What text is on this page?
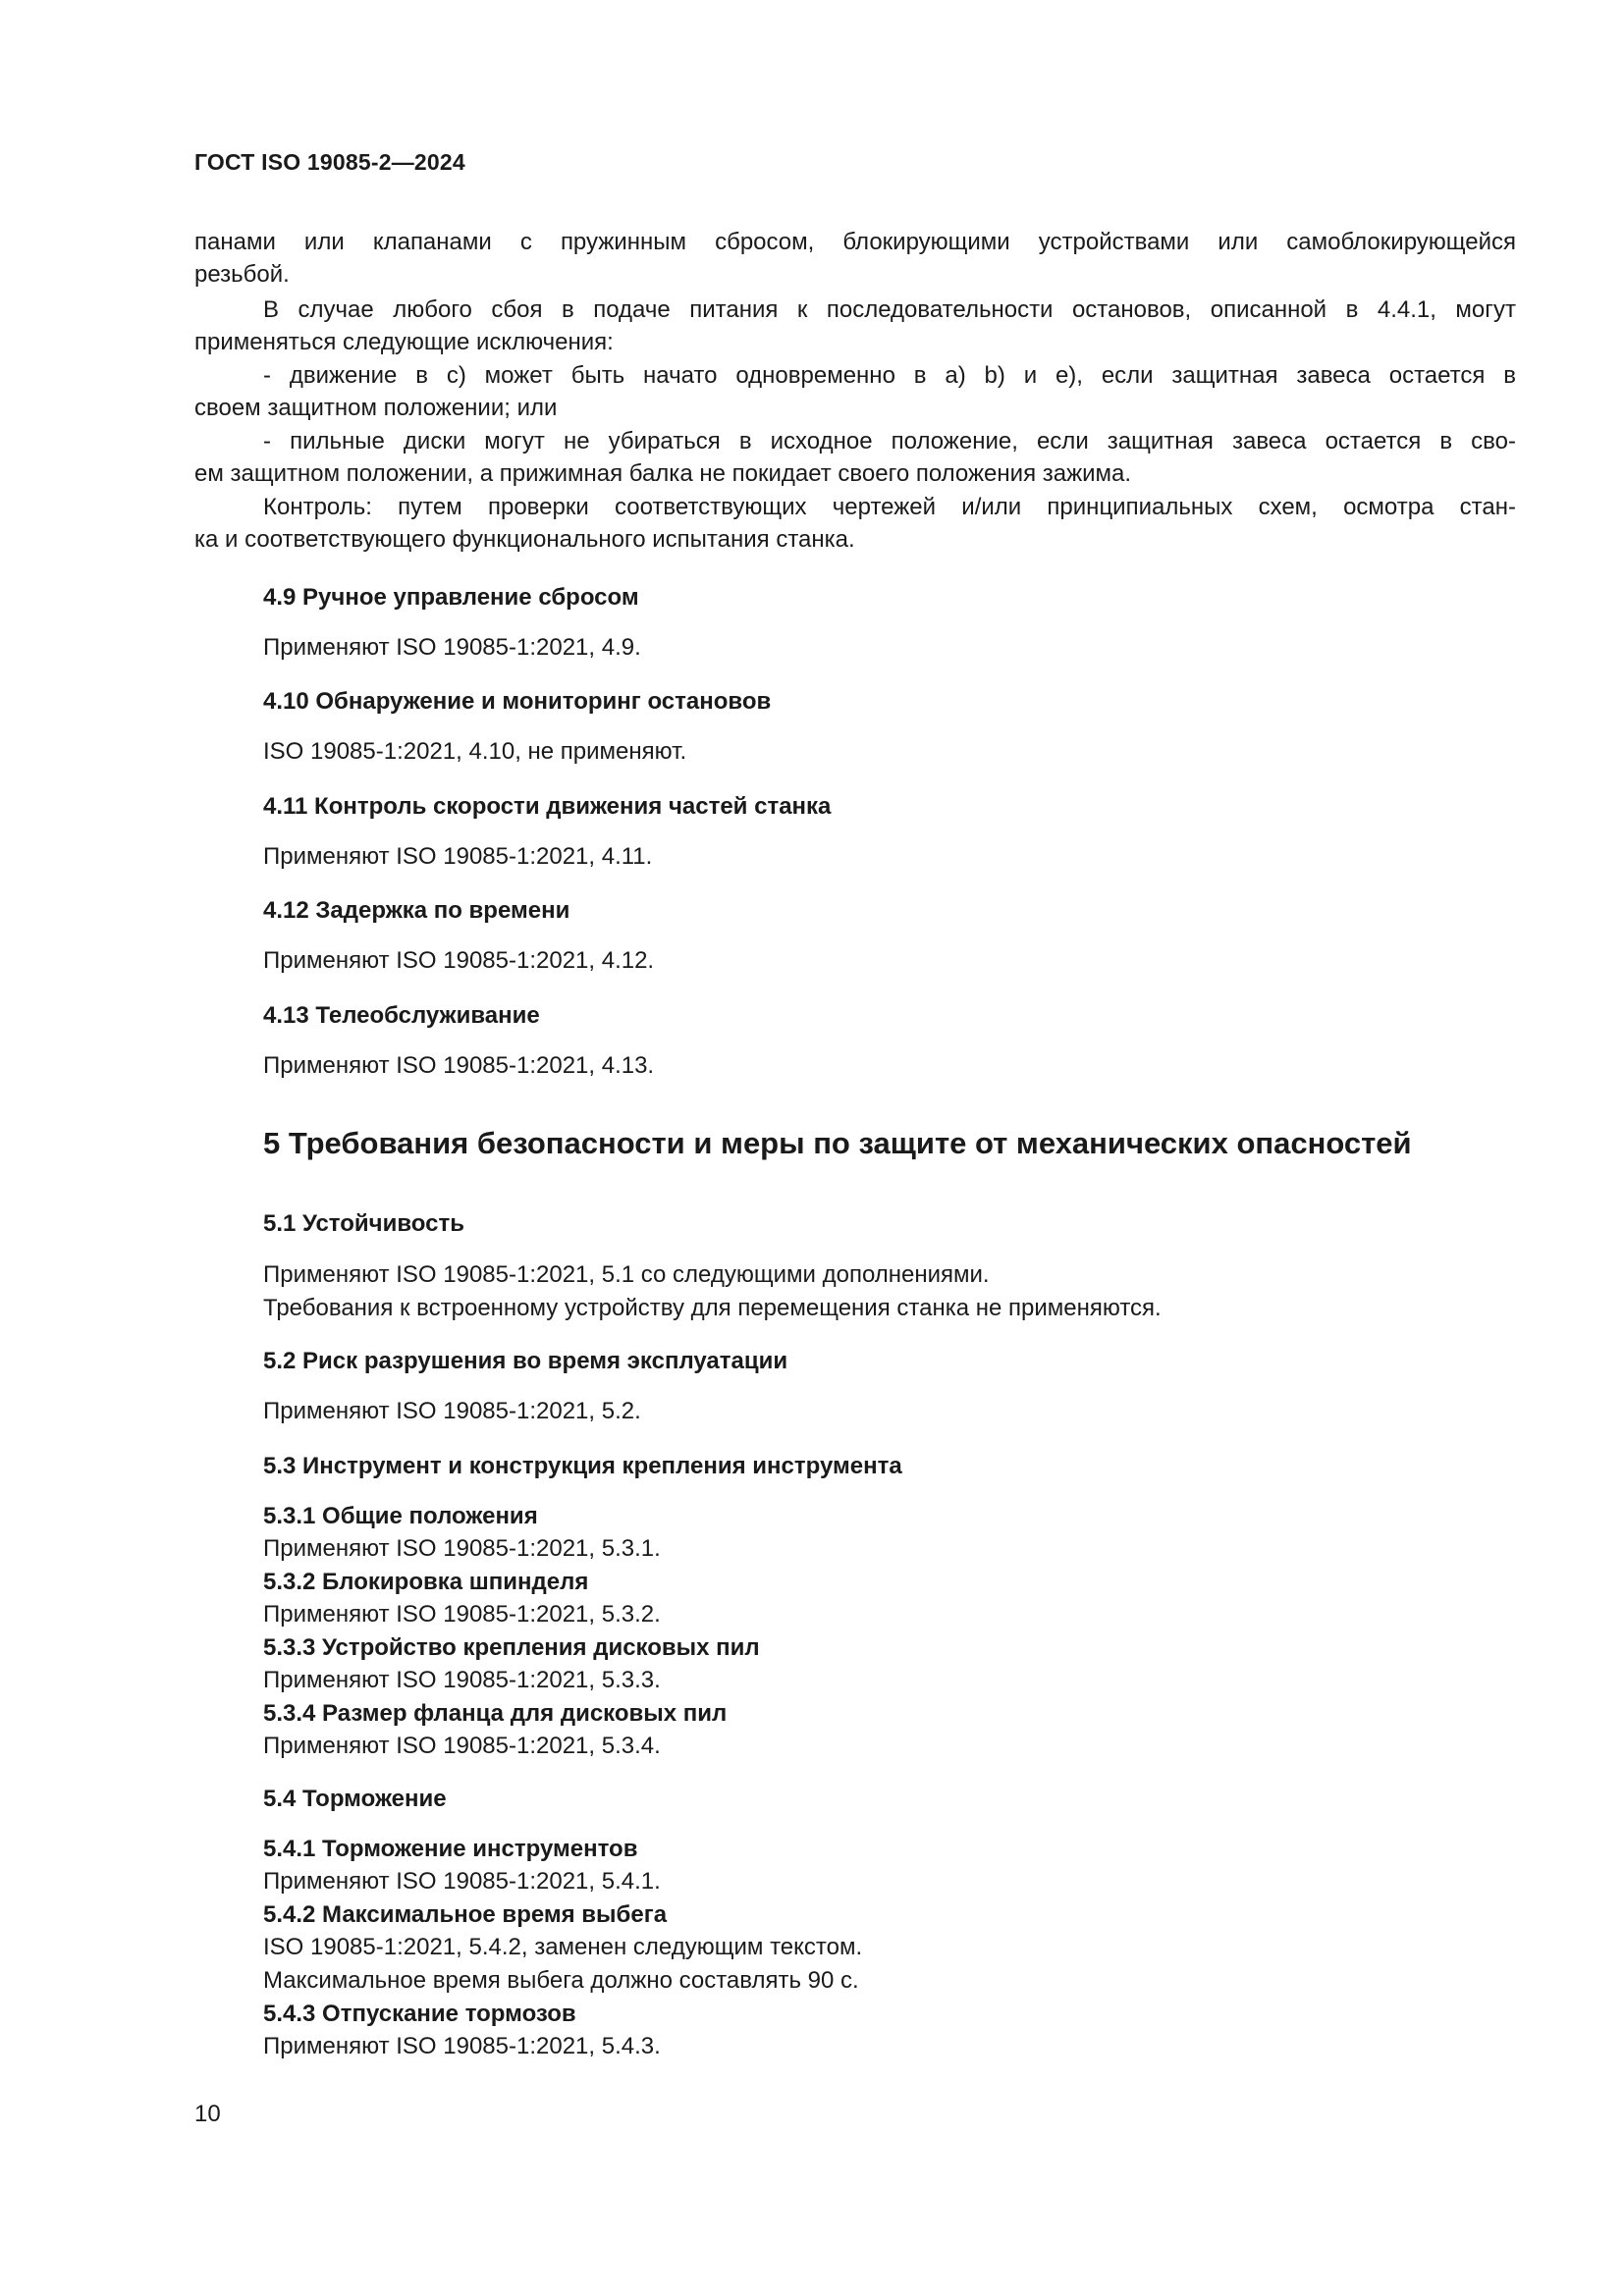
ГОСТ ISO 19085-2—2024

панами или клапанами с пружинным сбросом, блокирующими устройствами или самоблокирующейся

резьбой.

В случае любого сбоя в подаче питания к последовательности остановов, описанной в 4.4.1, могут

применяться следующие исключения:

- движение в с) может быть начато одновременно в а) b) и е), если защитная завеса остается в

своем защитном положении; или

- пильные диски могут не убираться в исходное положение, если защитная завеса остается в сво-

ем защитном положении, а прижимная балка не покидает своего положения зажима.

Контроль: путем проверки соответствующих чертежей и/или принципиальных схем, осмотра стан-

ка и соответствующего функционального испытания станка.

4.9 Ручное управление сбросом

Применяют ISO 19085-1:2021, 4.9.

4.10 Обнаружение и мониторинг остановов

ISO 19085-1:2021, 4.10, не применяют.

4.11 Контроль скорости движения частей станка

Применяют ISO 19085-1:2021, 4.11.

4.12 Задержка по времени

Применяют ISO 19085-1:2021, 4.12.

4.13 Телеобслуживание

Применяют ISO 19085-1:2021, 4.13.

5 Требования безопасности и меры по защите от механических опасностей
5.1 Устойчивость

Применяют ISO 19085-1:2021, 5.1 со следующими дополнениями.

Требования к встроенному устройству для перемещения станка не применяются.

5.2 Риск разрушения во время эксплуатации

Применяют ISO 19085-1:2021, 5.2.

5.3 Инструмент и конструкция крепления инструмента
5.3.1 Общие положения

Применяют ISO 19085-1:2021, 5.3.1.

5.3.2 Блокировка шпинделя

Применяют ISO 19085-1:2021, 5.3.2.

5.3.3 Устройство крепления дисковых пил

Применяют ISO 19085-1:2021, 5.3.3.

5.3.4 Размер фланца для дисковых пил

Применяют ISO 19085-1:2021, 5.3.4.

5.4 Торможение
5.4.1 Торможение инструментов

Применяют ISO 19085-1:2021, 5.4.1.

5.4.2 Максимальное время выбега

ISO 19085-1:2021, 5.4.2, заменен следующим текстом.

Максимальное время выбега должно составлять 90 с.

5.4.3 Отпускание тормозов

Применяют ISO 19085-1:2021, 5.4.3.

10
